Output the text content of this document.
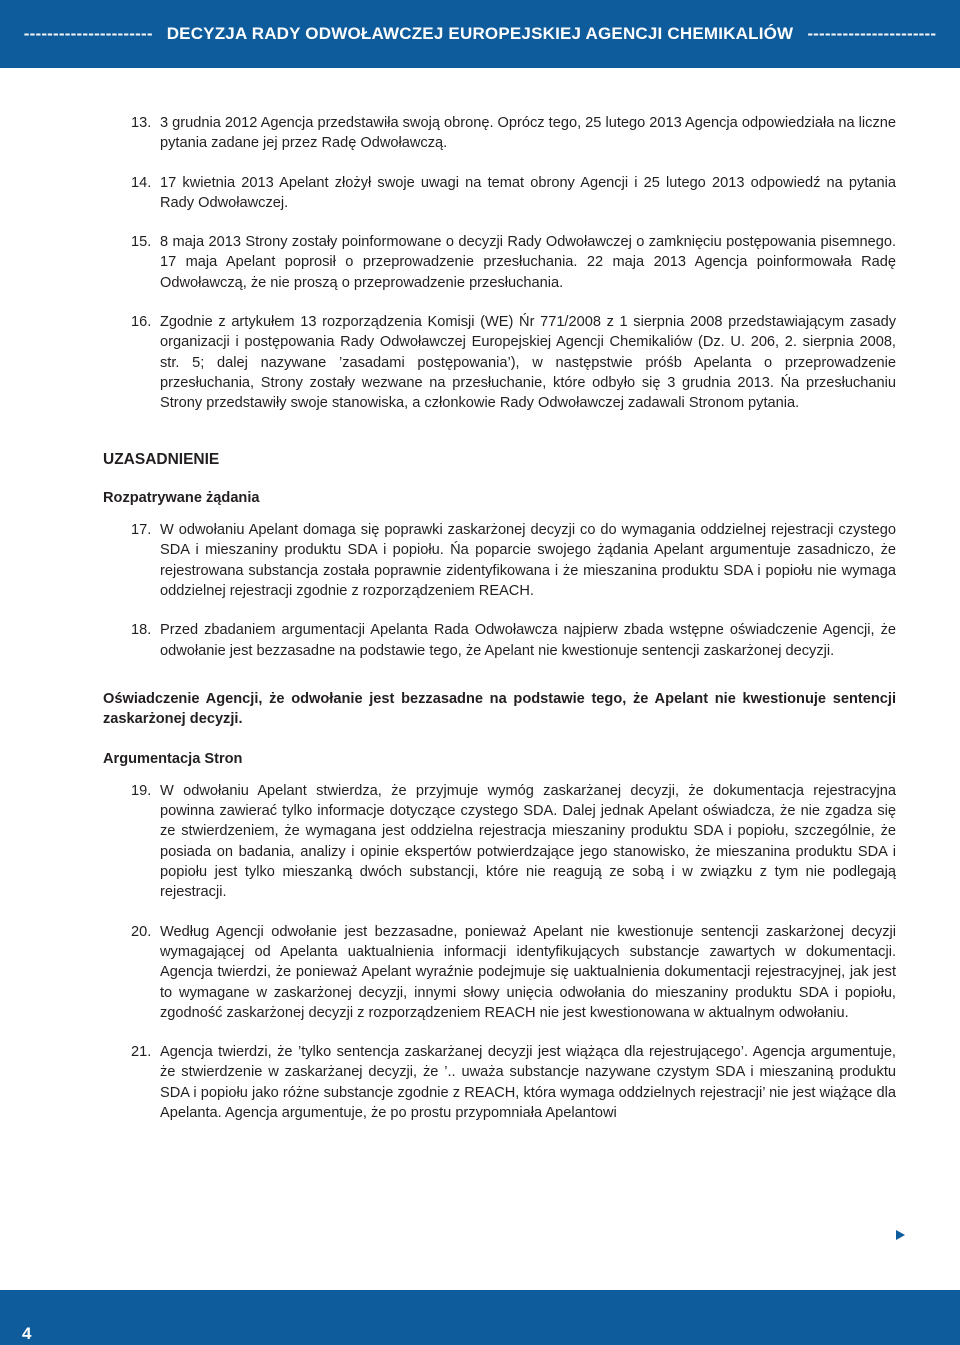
---------------------- DECYZJA RADY ODWOŁAWCZEJ EUROPEJSKIEJ AGENCJI CHEMIKALIÓW ----------------------
13. 3 grudnia 2012 Agencja przedstawiła swoją obronę. Oprócz tego, 25 lutego 2013 Agencja odpowiedziała na liczne pytania zadane jej przez Radę Odwoławczą.
14. 17 kwietnia 2013 Apelant złożył swoje uwagi na temat obrony Agencji i 25 lutego 2013 odpowiedź na pytania Rady Odwoławczej.
15. 8 maja 2013 Strony zostały poinformowane o decyzji Rady Odwoławczej o zamknięciu postępowania pisemnego. 17 maja Apelant poprosił o przeprowadzenie przesłuchania. 22 maja 2013 Agencja poinformowała Radę Odwoławczą, że nie proszą o przeprowadzenie przesłuchania.
16. Zgodnie z artykułem 13 rozporządzenia Komisji (WE) Ńr 771/2008 z 1 sierpnia 2008 przedstawiającym zasady organizacji i postępowania Rady Odwoławczej Europejskiej Agencji Chemikaliów (Dz. U. 206, 2. sierpnia 2008, str. 5; dalej nazywane ’zasadami postępowania’), w następstwie próśb Apelanta o przeprowadzenie przesłuchania, Strony zostały wezwane na przesłuchanie, które odbyło się 3 grudnia 2013. Ńa przesłuchaniu Strony przedstawiły swoje stanowiska, a członkowie Rady Odwoławczej zadawali Stronom pytania.
UZASADNIENIE
Rozpatrywane żądania
17. W odwołaniu Apelant domaga się poprawki zaskarżonej decyzji co do wymagania oddzielnej rejestracji czystego SDA i mieszaniny produktu SDA i popiołu. Ńa poparcie swojego żądania Apelant argumentuje zasadniczo, że rejestrowana substancja została poprawnie zidentyfikowana i że mieszanina produktu SDA i popiołu nie wymaga oddzielnej rejestracji zgodnie z rozporządzeniem REACH.
18. Przed zbadaniem argumentacji Apelanta Rada Odwoławcza najpierw zbada wstępne oświadczenie Agencji, że odwołanie jest bezzasadne na podstawie tego, że Apelant nie kwestionuje sentencji zaskarżonej decyzji.
Oświadczenie Agencji, że odwołanie jest bezzasadne na podstawie tego, że Apelant nie kwestionuje sentencji zaskarżonej decyzji.
Argumentacja Stron
19. W odwołaniu Apelant stwierdza, że przyjmuje wymóg zaskarżanej decyzji, że dokumentacja rejestracyjna powinna zawierać tylko informacje dotyczące czystego SDA. Dalej jednak Apelant oświadcza, że nie zgadza się ze stwierdzeniem, że wymagana jest oddzielna rejestracja mieszaniny produktu SDA i popiołu, szczególnie, że posiada on badania, analizy i opinie ekspertów potwierdzające jego stanowisko, że mieszanina produktu SDA i popiołu jest tylko mieszanką dwóch substancji, które nie reagują ze sobą i w związku z tym nie podlegają rejestracji.
20. Według Agencji odwołanie jest bezzasadne, ponieważ Apelant nie kwestionuje sentencji zaskarżonej decyzji wymagającej od Apelanta uaktualnienia informacji identyfikujących substancje zawartych w dokumentacji. Agencja twierdzi, że ponieważ Apelant wyraźnie podejmuje się uaktualnienia dokumentacji rejestracyjnej, jak jest to wymagane w zaskarżonej decyzji, innymi słowy unięcia odwołania do mieszaniny produktu SDA i popiołu, zgodność zaskarżonej decyzji z rozporządzeniem REACH nie jest kwestionowana w aktualnym odwołaniu.
21. Agencja twierdzi, że ’tylko sentencja zaskarżanej decyzji jest wiążąca dla rejestrującego’. Agencja argumentuje, że stwierdzenie w zaskarżanej decyzji, że ’.. uważa substancje nazywane czystym SDA i mieszaniną produktu SDA i popiołu jako różne substancje zgodnie z REACH, która wymaga oddzielnych rejestracji’ nie jest wiążące dla Apelanta. Agencja argumentuje, że po prostu przypomniała Apelantowi
4
